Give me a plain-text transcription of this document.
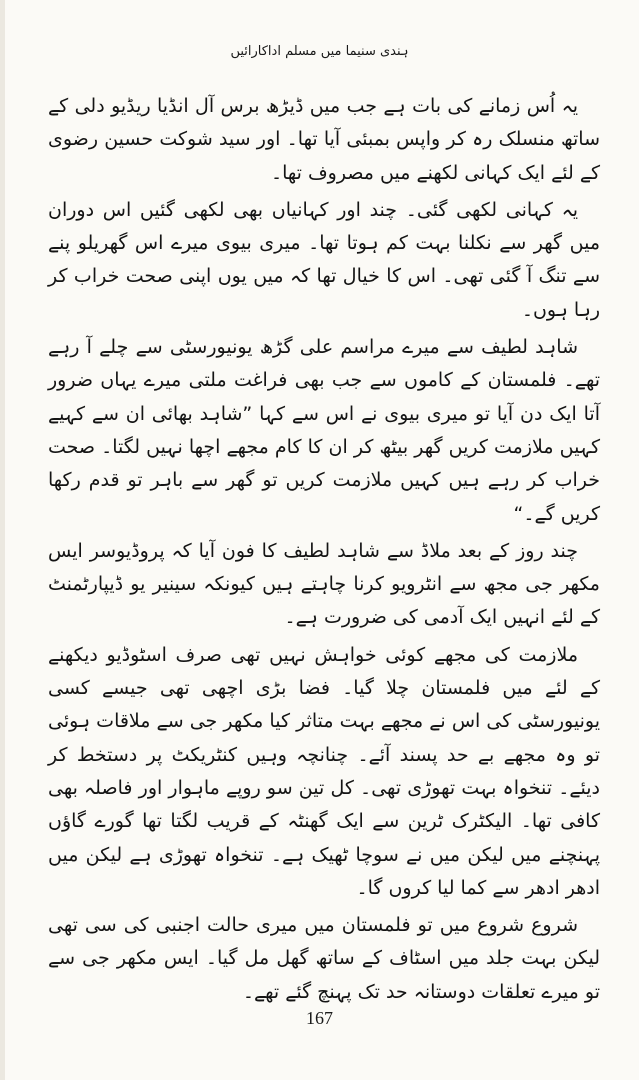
ہندی سنیما میں مسلم اداکارائیں

یہ اُس زمانے کی بات ہے جب میں ڈیڑھ برس آل انڈیا ریڈیو دلی کے ساتھ منسلک رہ کر واپس بمبئی آیا تھا۔ اور سید شوکت حسین رضوی کے لئے ایک کہانی لکھنے میں مصروف تھا۔

یہ کہانی لکھی گئی۔ چند اور کہانیاں بھی لکھی گئیں اس دوران میں گھر سے نکلنا بہت کم ہوتا تھا۔ میری بیوی میرے اس گھریلو پنے سے تنگ آ گئی تھی۔ اس کا خیال تھا کہ میں یوں اپنی صحت خراب کر رہا ہوں۔

شاہد لطیف سے میرے مراسم علی گڑھ یونیورسٹی سے چلے آ رہے تھے۔ فلمستان کے کاموں سے جب بھی فراغت ملتی میرے یہاں ضرور آتا ایک دن آیا تو میری بیوی نے اس سے کہا ”شاہد بھائی ان سے کہیے کہیں ملازمت کریں گھر بیٹھ کر ان کا کام مجھے اچھا نہیں لگتا۔ صحت خراب کر رہے ہیں کہیں ملازمت کریں تو گھر سے باہر تو قدم رکھا کریں گے۔“

چند روز کے بعد ملاڈ سے شاہد لطیف کا فون آیا کہ پروڈیوسر ایس مکھر جی مجھ سے انٹرویو کرنا چاہتے ہیں کیونکہ سینیر یو ڈیپارٹمنٹ کے لئے انہیں ایک آدمی کی ضرورت ہے۔

ملازمت کی مجھے کوئی خواہش نہیں تھی صرف اسٹوڈیو دیکھنے کے لئے میں فلمستان چلا گیا۔ فضا بڑی اچھی تھی جیسے کسی یونیورسٹی کی اس نے مجھے بہت متاثر کیا مکھر جی سے ملاقات ہوئی تو وہ مجھے بے حد پسند آئے۔ چنانچہ وہیں کنٹریکٹ پر دستخط کر دیئے۔ تنخواہ بہت تھوڑی تھی۔ کل تین سو روپے ماہوار اور فاصلہ بھی کافی تھا۔ الیکٹرک ٹرین سے ایک گھنٹہ کے قریب لگتا تھا گورے گاؤں پہنچنے میں لیکن میں نے سوچا ٹھیک ہے۔ تنخواہ تھوڑی ہے لیکن میں ادھر ادھر سے کما لیا کروں گا۔

شروع شروع میں تو فلمستان میں میری حالت اجنبی کی سی تھی لیکن بہت جلد میں اسٹاف کے ساتھ گھل مل گیا۔ ایس مکھر جی سے تو میرے تعلقات دوستانہ حد تک پہنچ گئے تھے۔

167
